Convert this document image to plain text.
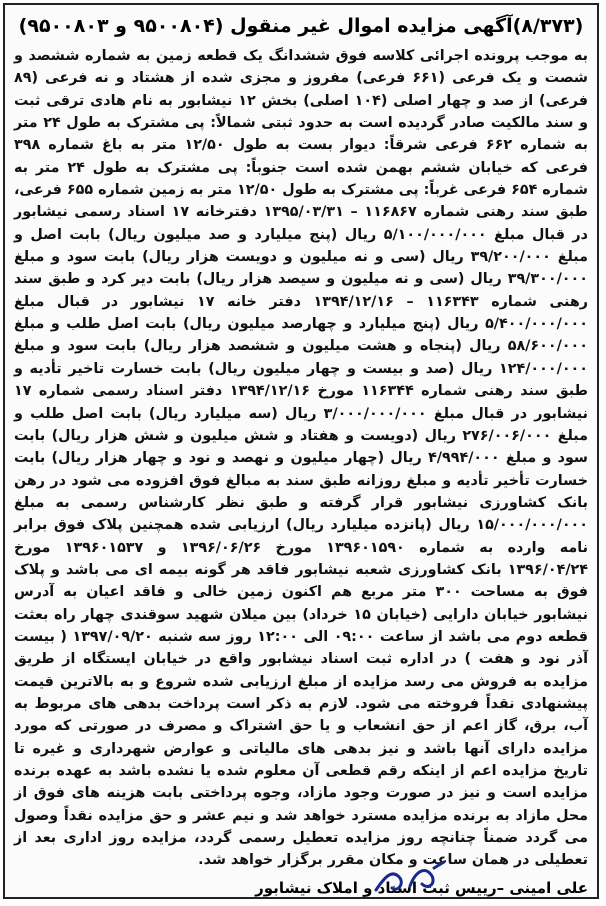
(۸/۳۷۳)آگهی مزایده اموال غیر منقول (۹۵۰۰۸۰۴ و ۹۵۰۰۸۰۳)

به موجب پرونده اجرائی کلاسه فوق ششدانگ یک قطعه زمین به شماره ششصد و شصت و یک فرعی (۶۶۱ فرعی) مفروز و مجزی شده از هشتاد و نه فرعی (۸۹ فرعی) از صد و چهار اصلی (۱۰۴ اصلی) بخش ۱۲ نیشابور به نام هادی ترقی ثبت و سند مالکیت صادر گردیده است به حدود ثبتی شمالاً: پی مشترک به طول ۲۴ متر به شماره ۶۶۲ فرعی شرقاً: دیوار بست به طول ۱۲/۵۰ متر به باغ شماره ۳۹۸ فرعی که خیابان ششم بهمن شده است جنوباً: پی مشترک به طول ۲۴ متر به شماره ۶۵۴ فرعی غرباً: پی مشترک به طول ۱۲/۵۰ متر به زمین شماره ۶۵۵ فرعی، طبق سند رهنی شماره ۱۱۶۸۶۷ – ۱۳۹۵/۰۳/۳۱ دفترخانه ۱۷ اسناد رسمی نیشابور در قبال مبلغ ۵/۱۰۰/۰۰۰/۰۰۰ ریال (پنج میلیارد و صد میلیون ریال) بابت اصل و مبلغ ۳۹/۲۰۰/۰۰۰ ریال (سی و نه میلیون و دویست هزار ریال) بابت سود و مبلغ ۳۹/۳۰۰/۰۰۰ ریال (سی و نه میلیون و سیصد هزار ریال) بابت دیر کرد و طبق سند رهنی شماره ۱۱۶۳۴۳ – ۱۳۹۴/۱۲/۱۶ دفتر خانه ۱۷ نیشابور در قبال مبلغ ۵/۴۰۰/۰۰۰/۰۰۰ ریال (پنج میلیارد و چهارصد میلیون ریال) بابت اصل طلب و مبلغ ۵۸/۶۰۰/۰۰۰ ریال (پنجاه و هشت میلیون و ششصد هزار ریال) بابت سود و مبلغ ۱۲۴/۰۰۰/۰۰۰ ریال (صد و بیست و چهار میلیون ریال) بابت خسارت تاخیر تأدیه و طبق سند رهنی شماره ۱۱۶۳۴۴ مورخ ۱۳۹۴/۱۲/۱۶ دفتر اسناد رسمی شماره ۱۷ نیشابور در قبال مبلغ ۳/۰۰۰/۰۰۰/۰۰۰ ریال (سه میلیارد ریال) بابت اصل طلب و مبلغ ۲۷۶/۰۰۶/۰۰۰ ریال (دویست و هفتاد و شش میلیون و شش هزار ریال) بابت سود و مبلغ ۴/۹۹۴/۰۰۰ ریال (چهار میلیون و نهصد و نود و چهار هزار ریال) بابت خسارت تأخیر تأدیه و مبلغ روزانه طبق سند به مبالغ فوق افزوده می شود در رهن بانک کشاورزی نیشابور قرار گرفته و طبق نظر کارشناس رسمی به مبلغ ۱۵/۰۰۰/۰۰۰/۰۰۰ ریال (پانزده میلیارد ریال) ارزیابی شده همچنین پلاک فوق برابر نامه وارده به شماره ۱۳۹۶۰۱۵۹۰ مورخ ۱۳۹۶/۰۶/۲۶ و ۱۳۹۶۰۱۵۳۷ مورخ ۱۳۹۶/۰۴/۲۴ بانک کشاورزی شعبه نیشابور فاقد هر گونه بیمه ای می باشد و پلاک فوق به مساحت ۳۰۰ متر مربع هم اکنون زمین خالی و فاقد اعیان به آدرس نیشابور خیابان دارایی (خیابان ۱۵ خرداد) بین میلان شهید سوقندی چهار راه بعثت قطعه دوم می باشد از ساعت ۰۹:۰۰ الی ۱۲:۰۰ روز سه شنبه ۱۳۹۷/۰۹/۲۰ ( بیست آذر نود و هفت ) در اداره ثبت اسناد نیشابور واقع در خیابان ایستگاه از طریق مزایده به فروش می رسد مزایده از مبلغ ارزیابی شده شروع و به بالاترین قیمت پیشنهادی نقداً فروخته می شود. لازم به ذکر است پرداخت بدهی های مربوط به آب، برق، گاز اعم از حق انشعاب و یا حق اشتراک و مصرف در صورتی که مورد مزایده دارای آنها باشد و نیز بدهی های مالیاتی و عوارض شهرداری و غیره تا تاریخ مزایده اعم از اینکه رقم قطعی آن معلوم شده یا نشده باشد به عهده برنده مزایده است و نیز در صورت وجود مازاد، وجوه پرداختی بابت هزینه های فوق از محل مازاد به برنده مزایده مسترد خواهد شد و نیم عشر و حق مزایده نقداً وصول می گردد ضمناً چنانچه روز مزایده تعطیل رسمی گردد، مزایده روز اداری بعد از تعطیلی در همان ساعت و مکان مقرر برگزار خواهد شد.

علی امینی –رییس ثبت اسناد و املاک نیشابور
